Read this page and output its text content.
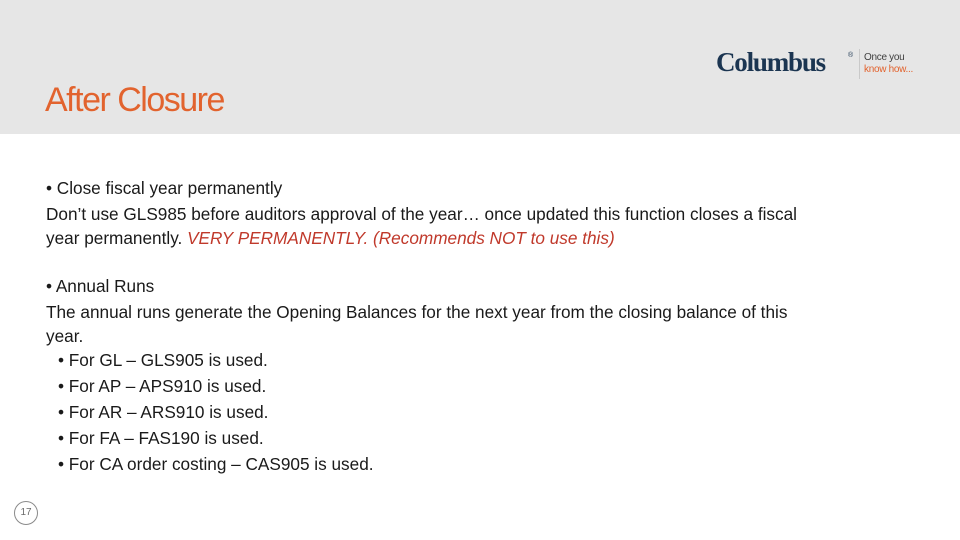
After Closure
Columbus	® Once you
know how...

• Close fiscal year permanently

Don’t use GLS985 before auditors approval of the year… once updated this function closes a fiscal

year permanently. VERY PERMANENTLY. (Recommends NOT to use this)

• Annual Runs

The annual runs generate the Opening Balances for the next year from the closing balance of this

year.

• For GL – GLS905 is used.

• For AP – APS910 is used.

• For AR – ARS910 is used.

• For FA – FAS190 is used.

• For CA order costing – CAS905 is used.

17
